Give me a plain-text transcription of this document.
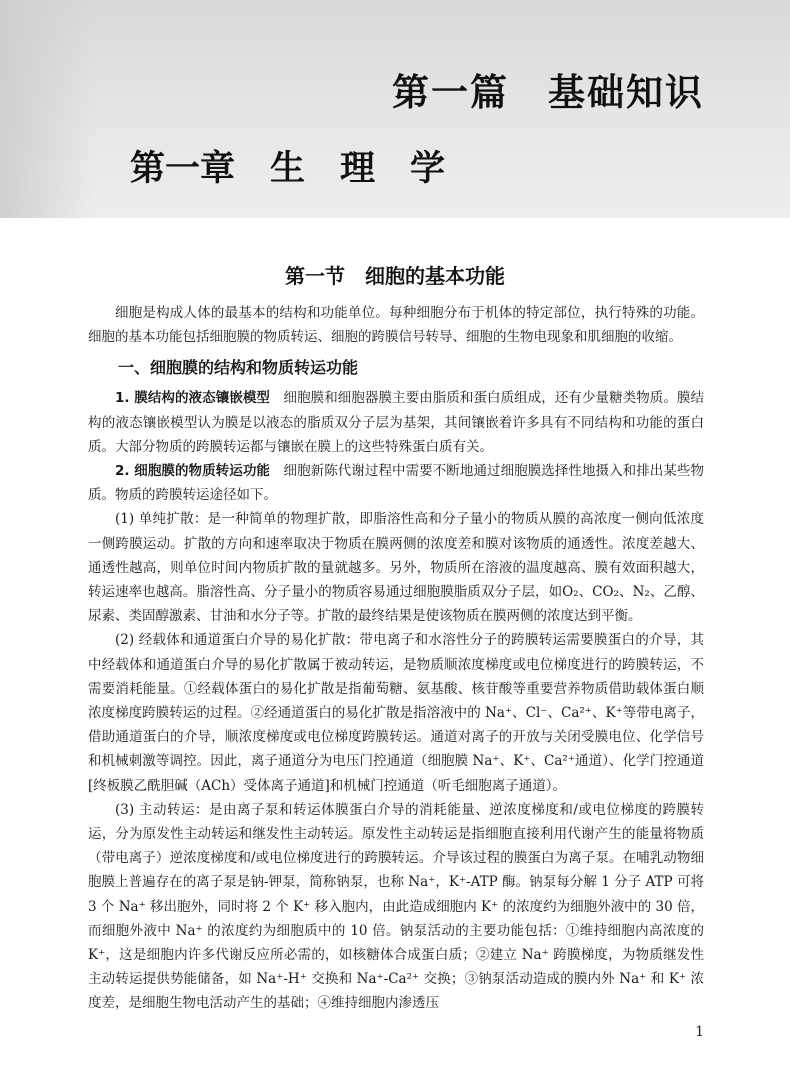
第一篇　基础知识
第一章　生　理　学
第一节　细胞的基本功能

细胞是构成人体的最基本的结构和功能单位。每种细胞分布于机体的特定部位，执行特殊的功能。细胞的基本功能包括细胞膜的物质转运、细胞的跨膜信号转导、细胞的生物电现象和肌细胞的收缩。

一、细胞膜的结构和物质转运功能

1. 膜结构的液态镶嵌模型　细胞膜和细胞器膜主要由脂质和蛋白质组成，还有少量糖类物质。膜结构的液态镶嵌模型认为膜是以液态的脂质双分子层为基架，其间镶嵌着许多具有不同结构和功能的蛋白质。大部分物质的跨膜转运都与镶嵌在膜上的这些特殊蛋白质有关。

2. 细胞膜的物质转运功能　细胞新陈代谢过程中需要不断地通过细胞膜选择性地摄入和排出某些物质。物质的跨膜转运途径如下。

(1) 单纯扩散：是一种简单的物理扩散，即脂溶性高和分子量小的物质从膜的高浓度一侧向低浓度一侧跨膜运动。扩散的方向和速率取决于物质在膜两侧的浓度差和膜对该物质的通透性。浓度差越大、通透性越高，则单位时间内物质扩散的量就越多。另外，物质所在溶液的温度越高、膜有效面积越大，转运速率也越高。脂溶性高、分子量小的物质容易通过细胞膜脂质双分子层，如O₂、CO₂、N₂、乙醇、尿素、类固醇激素、甘油和水分子等。扩散的最终结果是使该物质在膜两侧的浓度达到平衡。

(2) 经载体和通道蛋白介导的易化扩散：带电离子和水溶性分子的跨膜转运需要膜蛋白的介导，其中经载体和通道蛋白介导的易化扩散属于被动转运，是物质顺浓度梯度或电位梯度进行的跨膜转运，不需要消耗能量。①经载体蛋白的易化扩散是指葡萄糖、氨基酸、核苷酸等重要营养物质借助载体蛋白顺浓度梯度跨膜转运的过程。②经通道蛋白的易化扩散是指溶液中的 Na⁺、Cl⁻、Ca²⁺、K⁺等带电离子，借助通道蛋白的介导，顺浓度梯度或电位梯度跨膜转运。通道对离子的开放与关闭受膜电位、化学信号和机械刺激等调控。因此，离子通道分为电压门控通道（细胞膜 Na⁺、K⁺、Ca²⁺通道）、化学门控通道[终板膜乙酰胆碱（ACh）受体离子通道]和机械门控通道（听毛细胞离子通道）。

(3) 主动转运：是由离子泵和转运体膜蛋白介导的消耗能量、逆浓度梯度和/或电位梯度的跨膜转运，分为原发性主动转运和继发性主动转运。原发性主动转运是指细胞直接利用代谢产生的能量将物质（带电离子）逆浓度梯度和/或电位梯度进行的跨膜转运。介导该过程的膜蛋白为离子泵。在哺乳动物细胞膜上普遍存在的离子泵是钠-钾泵，简称钠泵，也称 Na⁺，K⁺-ATP 酶。钠泵每分解 1 分子 ATP 可将 3 个 Na⁺ 移出胞外，同时将 2 个 K⁺ 移入胞内，由此造成细胞内 K⁺ 的浓度约为细胞外液中的 30 倍，而细胞外液中 Na⁺ 的浓度约为细胞质中的 10 倍。钠泵活动的主要功能包括：①维持细胞内高浓度的 K⁺，这是细胞内许多代谢反应所必需的，如核糖体合成蛋白质；②建立 Na⁺ 跨膜梯度，为物质继发性主动转运提供势能储备，如 Na⁺-H⁺ 交换和 Na⁺-Ca²⁺ 交换；③钠泵活动造成的膜内外 Na⁺ 和 K⁺ 浓度差，是细胞生物电活动产生的基础；④维持细胞内渗透压

1
